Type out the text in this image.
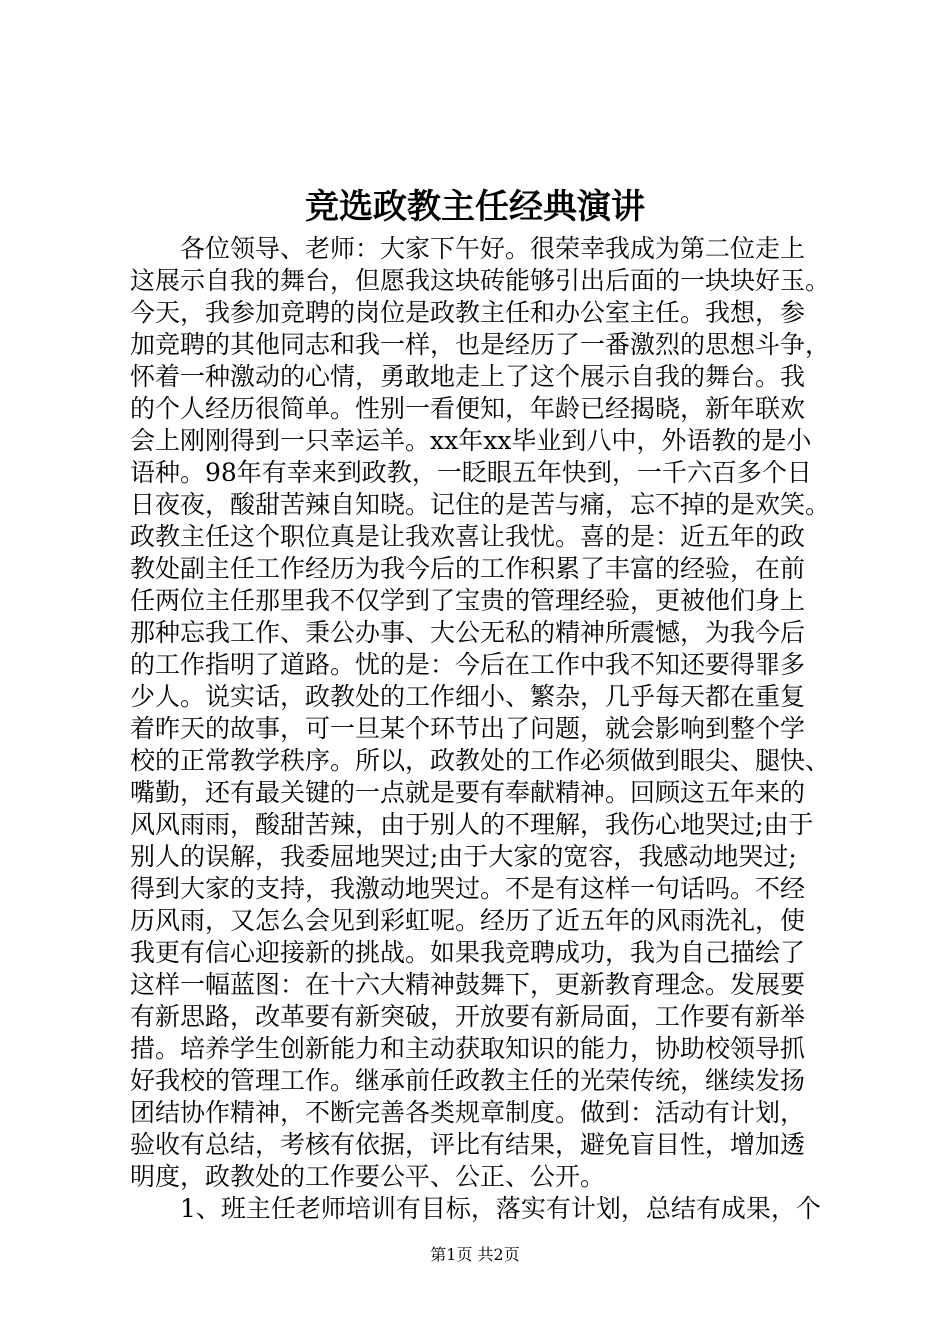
竞选政教主任经典演讲
各位领导、老师：大家下午好。很荣幸我成为第二位走上
这展示自我的舞台，但愿我这块砖能够引出后面的一块块好玉。
今天，我参加竞聘的岗位是政教主任和办公室主任。我想，参
加竞聘的其他同志和我一样，也是经历了一番激烈的思想斗争，
怀着一种激动的心情，勇敢地走上了这个展示自我的舞台。我
的个人经历很简单。性别一看便知，年龄已经揭晓，新年联欢
会上刚刚得到一只幸运羊。xx年xx毕业到八中，外语教的是小
语种。98年有幸来到政教，一眨眼五年快到，一千六百多个日
日夜夜，酸甜苦辣自知晓。记住的是苦与痛，忘不掉的是欢笑。
政教主任这个职位真是让我欢喜让我忧。喜的是：近五年的政
教处副主任工作经历为我今后的工作积累了丰富的经验，在前
任两位主任那里我不仅学到了宝贵的管理经验，更被他们身上
那种忘我工作、秉公办事、大公无私的精神所震憾，为我今后
的工作指明了道路。忧的是：今后在工作中我不知还要得罪多
少人。说实话，政教处的工作细小、繁杂，几乎每天都在重复
着昨天的故事，可一旦某个环节出了问题，就会影响到整个学
校的正常教学秩序。所以，政教处的工作必须做到眼尖、腿快、
嘴勤，还有最关键的一点就是要有奉献精神。回顾这五年来的
风风雨雨，酸甜苦辣，由于别人的不理解，我伤心地哭过;由于
别人的误解，我委屈地哭过;由于大家的宽容，我感动地哭过;
得到大家的支持，我激动地哭过。不是有这样一句话吗。不经
历风雨，又怎么会见到彩虹呢。经历了近五年的风雨洗礼，使
我更有信心迎接新的挑战。如果我竞聘成功，我为自己描绘了
这样一幅蓝图：在十六大精神鼓舞下，更新教育理念。发展要
有新思路，改革要有新突破，开放要有新局面，工作要有新举
措。培养学生创新能力和主动获取知识的能力，协助校领导抓
好我校的管理工作。继承前任政教主任的光荣传统，继续发扬
团结协作精神，不断完善各类规章制度。做到：活动有计划，
验收有总结，考核有依据，评比有结果，避免盲目性，增加透
明度，政教处的工作要公平、公正、公开。
1、班主任老师培训有目标，落实有计划，总结有成果，个
第1页 共2页
